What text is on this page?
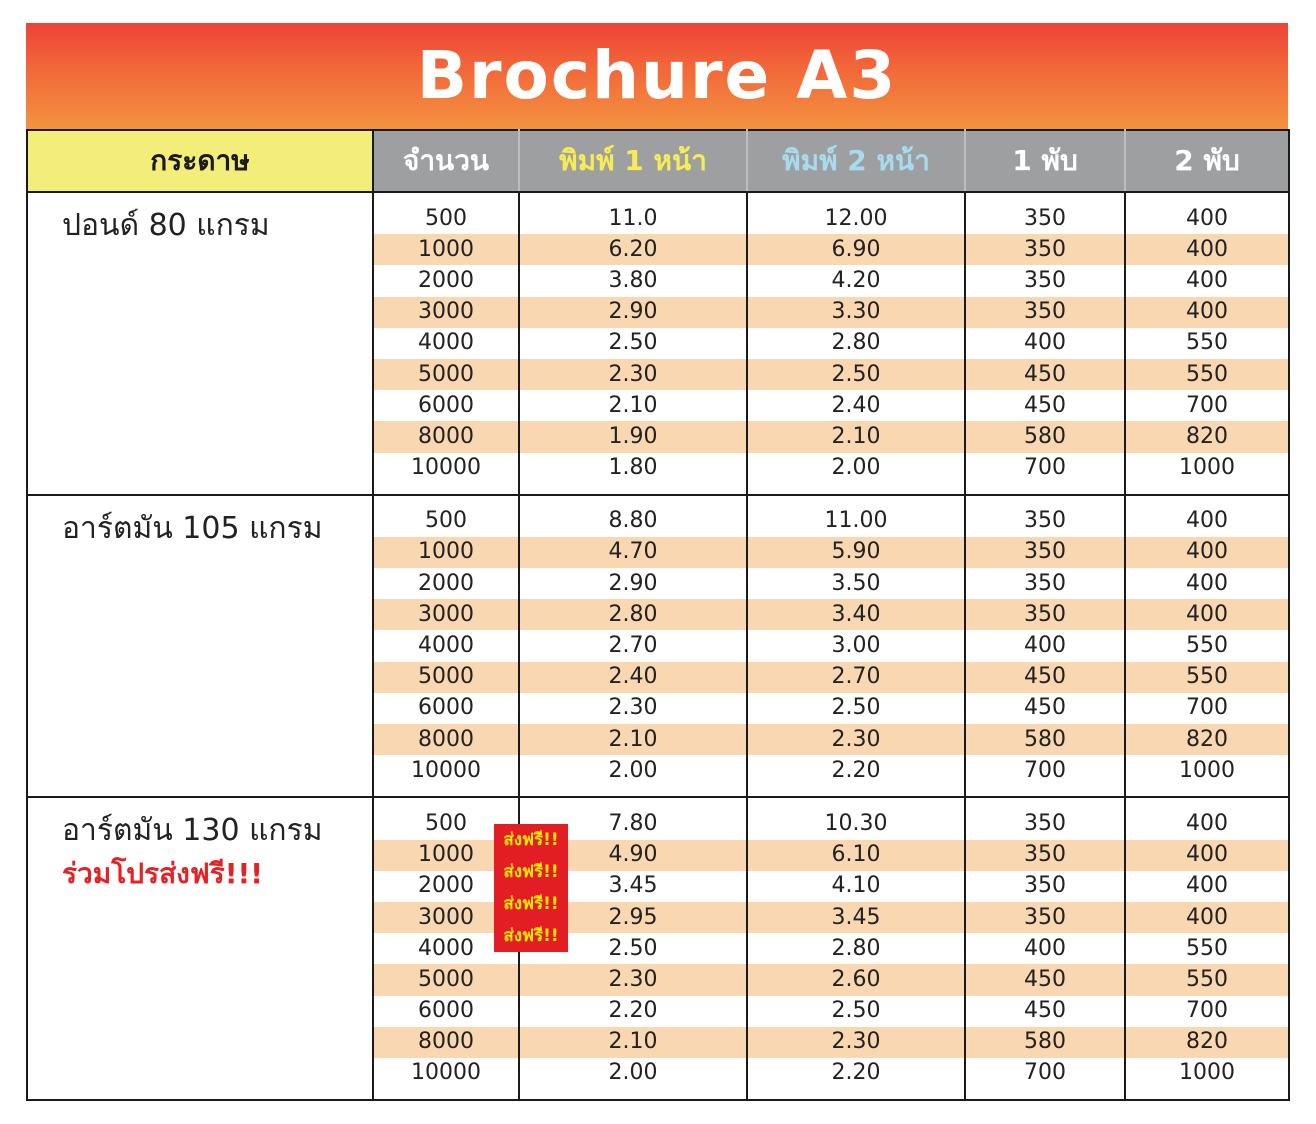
Brochure A3
กระดาษ	จำนวน	พิมพ์ 1 หน้า	พิมพ์ 2 หน้า	1 พับ	2 พับ
ปอนด์ 80 แกรม	500	11.0	12.00	350	400
	1000	6.20	6.90	350	400
	2000	3.80	4.20	350	400
	3000	2.90	3.30	350	400
	4000	2.50	2.80	400	550
	5000	2.30	2.50	450	550
	6000	2.10	2.40	450	700
	8000	1.90	2.10	580	820
	10000	1.80	2.00	700	1000
อาร์ตมัน 105 แกรม	500	8.80	11.00	350	400
	1000	4.70	5.90	350	400
	2000	2.90	3.50	350	400
	3000	2.80	3.40	350	400
	4000	2.70	3.00	400	550
	5000	2.40	2.70	450	550
	6000	2.30	2.50	450	700
	8000	2.10	2.30	580	820
	10000	2.00	2.20	700	1000
อาร์ตมัน 130 แกรม
ร่วมโปรส่งฟรี!!!	500	7.80	10.30	350	400
	1000	4.90	6.10	350	400
	2000	3.45	4.10	350	400
	3000	2.95	3.45	350	400
	4000	2.50	2.80	400	550
	5000	2.30	2.60	450	550
	6000	2.20	2.50	450	700
	8000	2.10	2.30	580	820
	10000	2.00	2.20	700	1000
ส่งฟรี!!
ส่งฟรี!!
ส่งฟรี!!
ส่งฟรี!!
